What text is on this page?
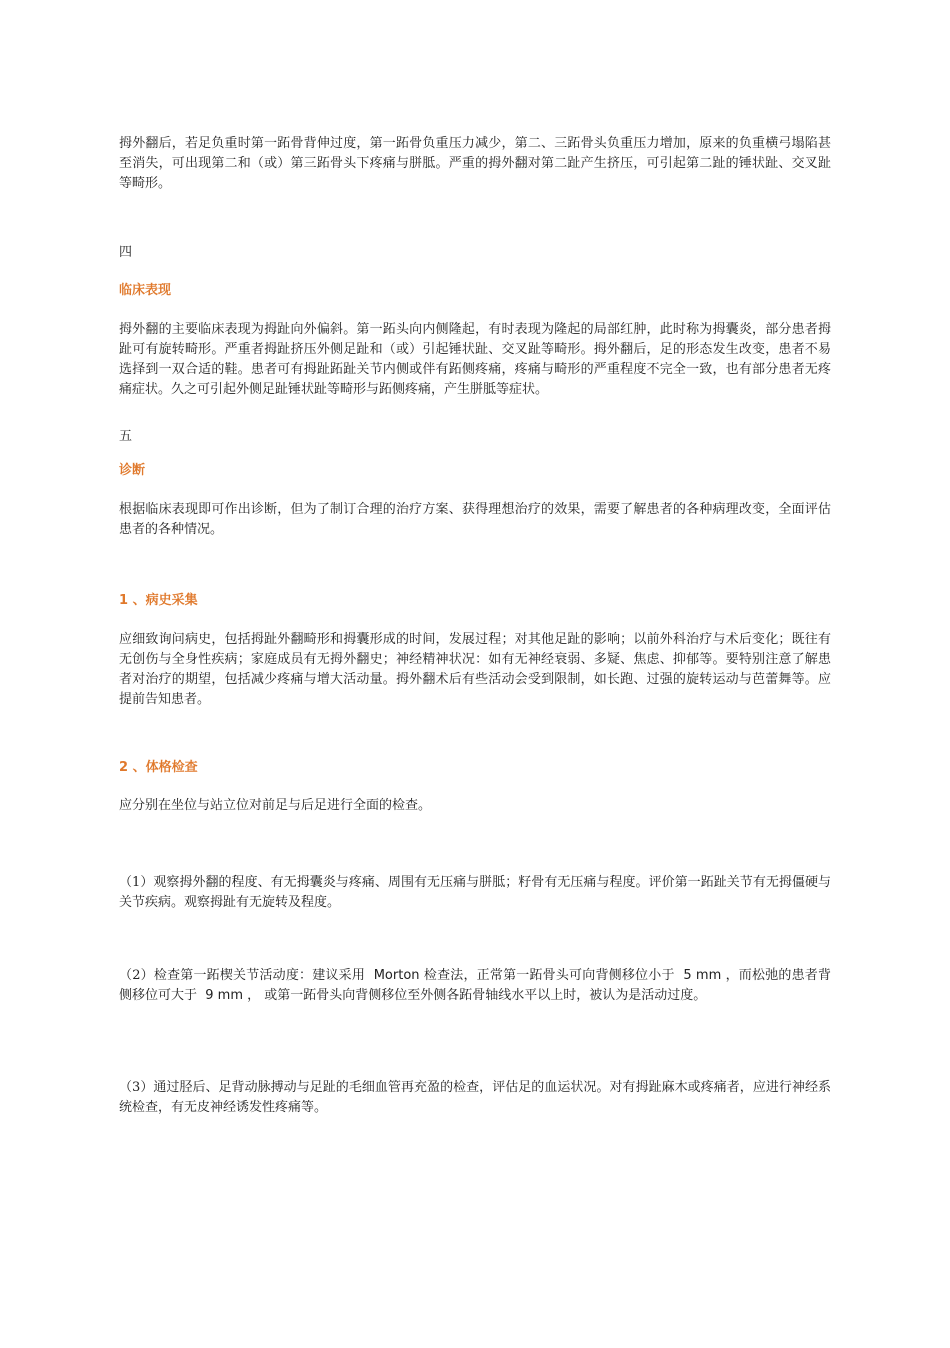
拇外翻后，若足负重时第一跖骨背伸过度，第一跖骨负重压力减少，第二、三跖骨头负重压力增加，原来的负重横弓塌陷甚至消失，可出现第二和（或）第三跖骨头下疼痛与胼胝。严重的拇外翻对第二趾产生挤压，可引起第二趾的锤状趾、交叉趾等畸形。

四

临床表现

拇外翻的主要临床表现为拇趾向外偏斜。第一跖头向内侧隆起，有时表现为隆起的局部红肿，此时称为拇囊炎，部分患者拇趾可有旋转畸形。严重者拇趾挤压外侧足趾和（或）引起锤状趾、交叉趾等畸形。拇外翻后，足的形态发生改变，患者不易选择到一双合适的鞋。患者可有拇趾跖趾关节内侧或伴有跖侧疼痛，疼痛与畸形的严重程度不完全一致，也有部分患者无疼痛症状。久之可引起外侧足趾锤状趾等畸形与跖侧疼痛，产生胼胝等症状。

五

诊断

根据临床表现即可作出诊断，但为了制订合理的治疗方案、获得理想治疗的效果，需要了解患者的各种病理改变，全面评估患者的各种情况。

1 、病史采集

应细致询问病史，包括拇趾外翻畸形和拇囊形成的时间，发展过程；对其他足趾的影响；以前外科治疗与术后变化；既往有无创伤与全身性疾病；家庭成员有无拇外翻史；神经精神状况：如有无神经衰弱、多疑、焦虑、抑郁等。要特别注意了解患者对治疗的期望，包括减少疼痛与增大活动量。拇外翻术后有些活动会受到限制，如长跑、过强的旋转运动与芭蕾舞等。应提前告知患者。

2 、体格检查

应分别在坐位与站立位对前足与后足进行全面的检查。

（1）观察拇外翻的程度、有无拇囊炎与疼痛、周围有无压痛与胼胝；籽骨有无压痛与程度。评价第一跖趾关节有无拇僵硬与关节疾病。观察拇趾有无旋转及程度。

（2）检查第一跖楔关节活动度：建议采用 Morton 检查法，正常第一跖骨头可向背侧移位小于 5 mm ，而松弛的患者背侧移位可大于 9 mm ， 或第一跖骨头向背侧移位至外侧各跖骨轴线水平以上时，被认为是活动过度。

（3）通过胫后、足背动脉搏动与足趾的毛细血管再充盈的检查，评估足的血运状况。对有拇趾麻木或疼痛者，应进行神经系统检查，有无皮神经诱发性疼痛等。
